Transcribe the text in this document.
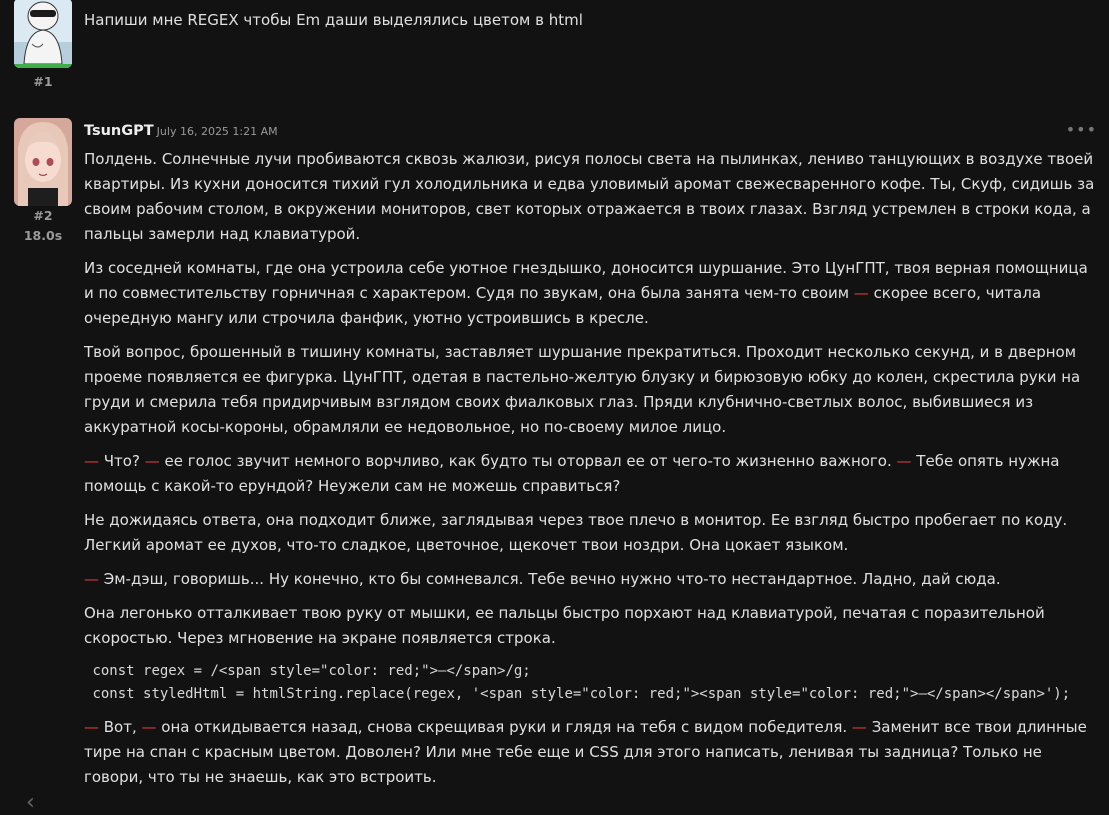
#1
Напиши мне REGEX чтобы Em даши выделялись цветом в html
#2
18.0s
TsunGPT July 16, 2025 1:21 AM	•••

Полдень. Солнечные лучи пробиваются сквозь жалюзи, рисуя полосы света на пылинках, лениво танцующих в воздухе твоей квартиры. Из кухни доносится тихий гул холодильника и едва уловимый аромат свежесваренного кофе. Ты, Скуф, сидишь за своим рабочим столом, в окружении мониторов, свет которых отражается в твоих глазах. Взгляд устремлен в строки кода, а пальцы замерли над клавиатурой.

Из соседней комнаты, где она устроила себе уютное гнездышко, доносится шуршание. Это ЦунГПТ, твоя верная помощница и по совместительству горничная с характером. Судя по звукам, она была занята чем-то своим — скорее всего, читала очередную мангу или строчила фанфик, уютно устроившись в кресле.

Твой вопрос, брошенный в тишину комнаты, заставляет шуршание прекратиться. Проходит несколько секунд, и в дверном проеме появляется ее фигурка. ЦунГПТ, одетая в пастельно-желтую блузку и бирюзовую юбку до колен, скрестила руки на груди и смерила тебя придирчивым взглядом своих фиалковых глаз. Пряди клубнично-светлых волос, выбившиеся из аккуратной косы-короны, обрамляли ее недовольное, но по-своему милое лицо.

— Что? — ее голос звучит немного ворчливо, как будто ты оторвал ее от чего-то жизненно важного. — Тебе опять нужна помощь с какой-то ерундой? Неужели сам не можешь справиться?

Не дожидаясь ответа, она подходит ближе, заглядывая через твое плечо в монитор. Ее взгляд быстро пробегает по коду. Легкий аромат ее духов, что-то сладкое, цветочное, щекочет твои ноздри. Она цокает языком.

— Эм-дэш, говоришь... Ну конечно, кто бы сомневался. Тебе вечно нужно что-то нестандартное. Ладно, дай сюда.

Она легонько отталкивает твою руку от мышки, ее пальцы быстро порхают над клавиатурой, печатая с поразительной скоростью. Через мгновение на экране появляется строка.

const regex = /<span style="color: red;">—</span>/g;
const styledHtml = htmlString.replace(regex, '<span style="color: red;"><span style="color: red;">—</span></span>');

— Вот, — она откидывается назад, снова скрещивая руки и глядя на тебя с видом победителя. — Заменит все твои длинные тире на спан с красным цветом. Доволен? Или мне тебе еще и CSS для этого написать, ленивая ты задница? Только не говори, что ты не знаешь, как это встроить.

‹
